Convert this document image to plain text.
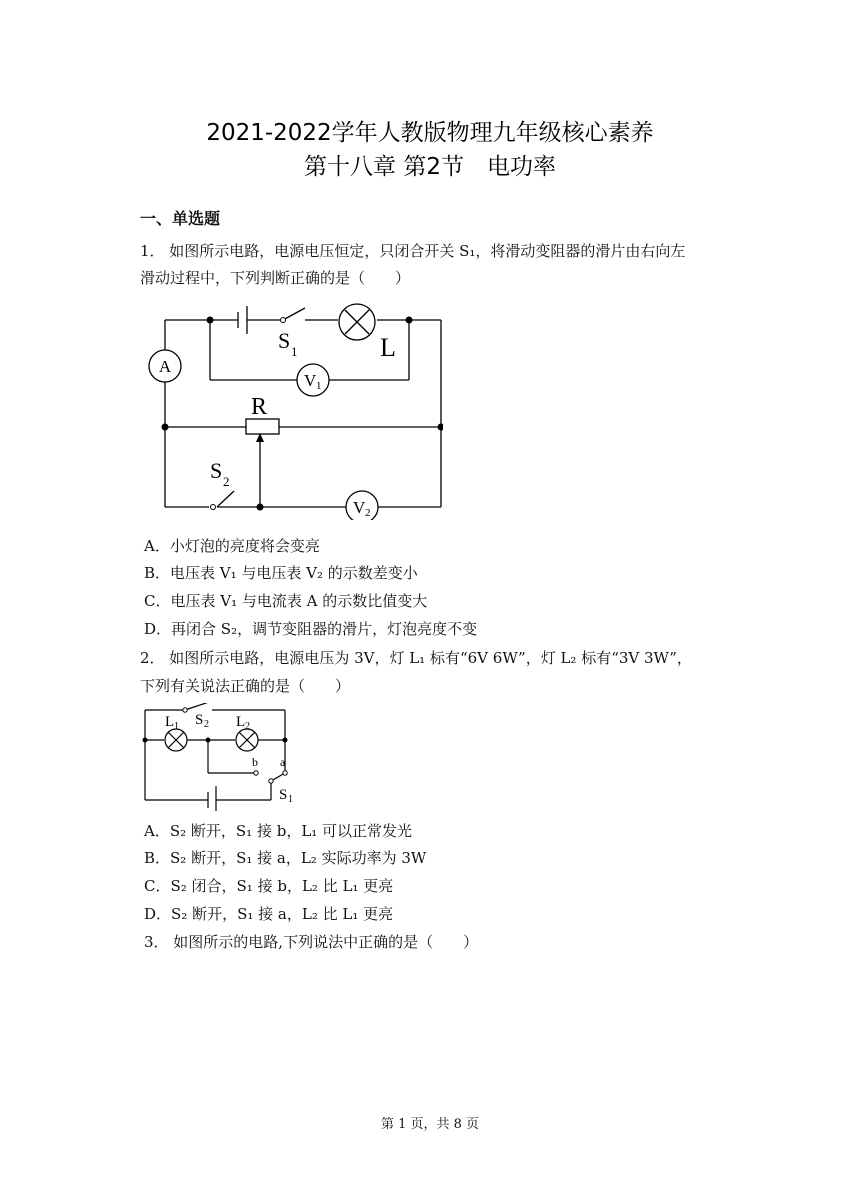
2021-2022学年人教版物理九年级核心素养
第十八章 第2节　电功率
一、单选题
1． 如图所示电路，电源电压恒定，只闭合开关 S₁，将滑动变阻器的滑片由右向左
滑动过程中，下列判断正确的是（　　）
A
S 1	L
V 1
R
S 2
V 2
A．小灯泡的亮度将会变亮
B．电压表 V₁ 与电压表 V₂ 的示数差变小
C．电压表 V₁ 与电流表 A 的示数比值变大
D．再闭合 S₂，调节变阻器的滑片，灯泡亮度不变
2． 如图所示电路，电源电压为 3V，灯 L₁ 标有“6V 6W”，灯 L₂ 标有“3V 3W”，
下列有关说法正确的是（　　）
L 1 S 2 L 2
b a
S 1
A．S₂ 断开，S₁ 接 b，L₁ 可以正常发光
B．S₂ 断开，S₁ 接 a，L₂ 实际功率为 3W
C．S₂ 闭合，S₁ 接 b，L₂ 比 L₁ 更亮
D．S₂ 断开，S₁ 接 a，L₂ 比 L₁ 更亮
3． 如图所示的电路,下列说法中正确的是（　　）
第 1 页，共 8 页
